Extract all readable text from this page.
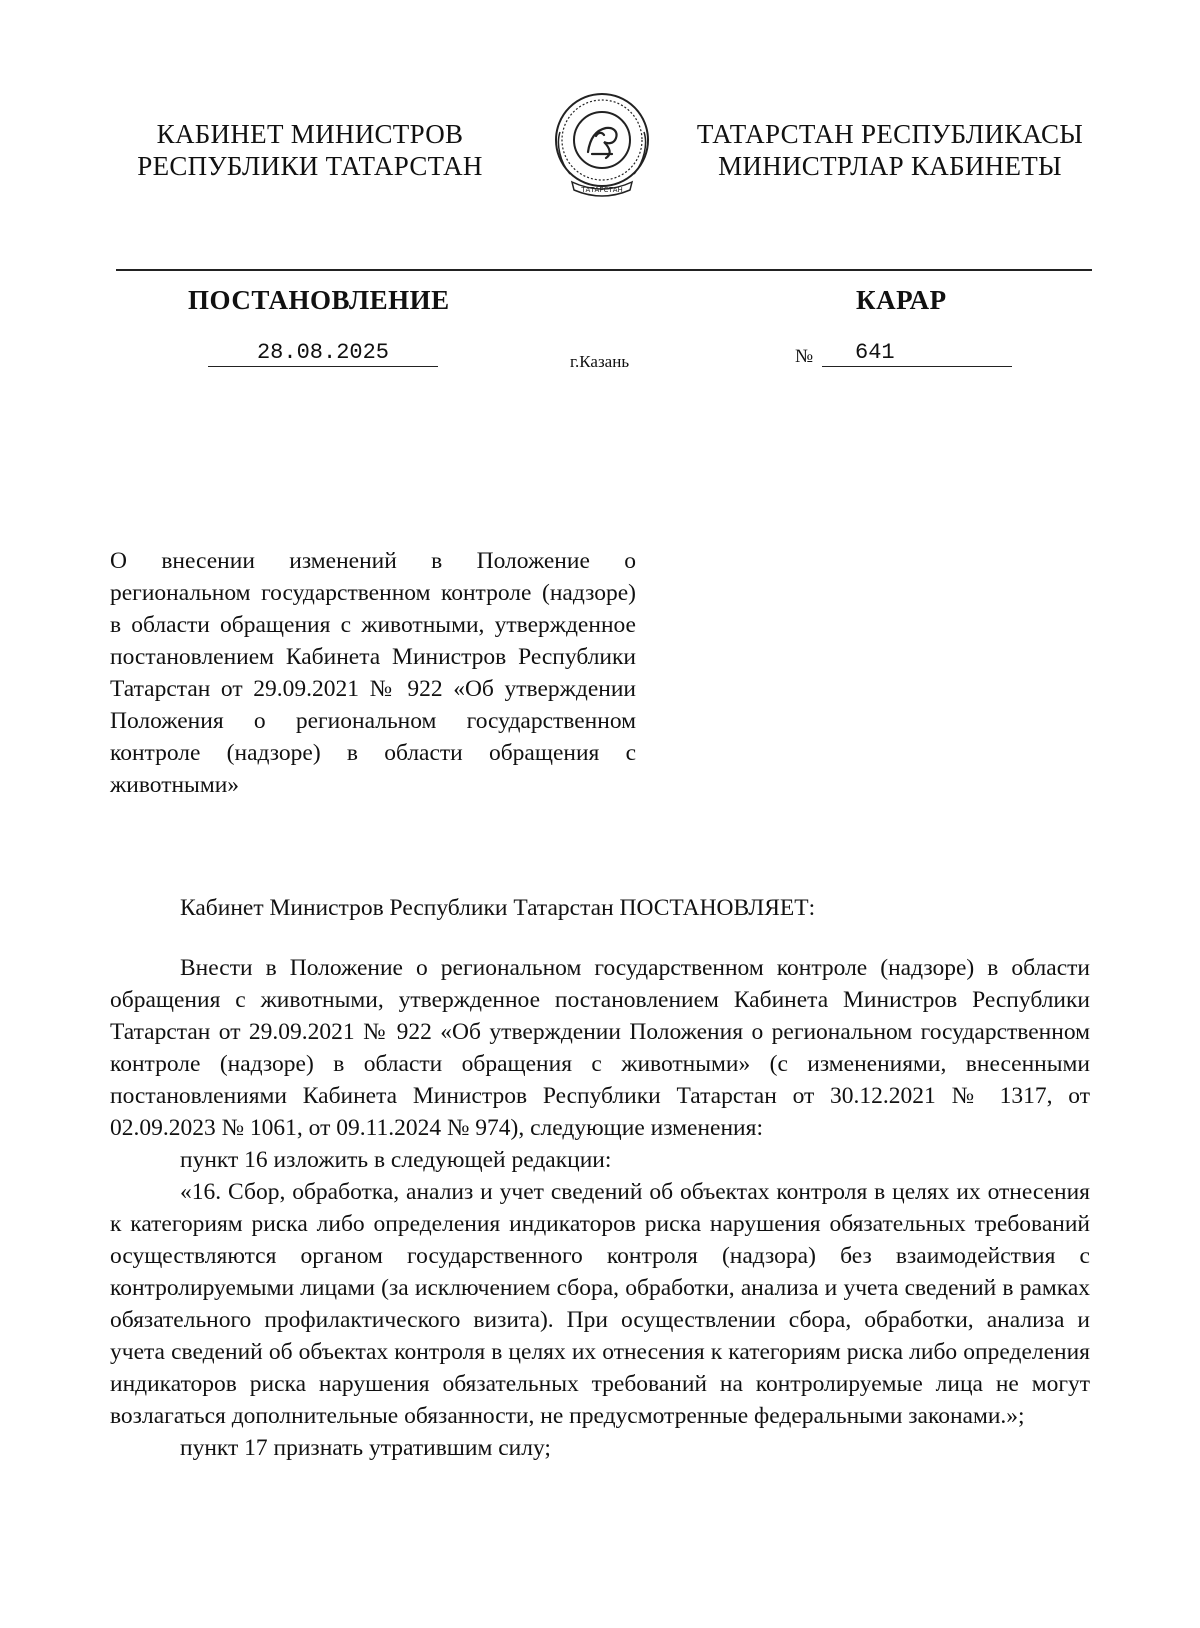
КАБИНЕТ МИНИСТРОВ
РЕСПУБЛИКИ ТАТАРСТАН
ТАТАРСТАН
ТАТАРСТАН РЕСПУБЛИКАСЫ
МИНИСТРЛАР КАБИНЕТЫ
ПОСТАНОВЛЕНИЕ	КАРАР
28.08.2025	г.Казань	№	641
О внесении изменений в Положение о региональном государственном контроле (надзоре) в области обращения с животными, утвержденное постановлением Кабинета Министров Республики Татарстан от 29.09.2021 № 922 «Об утверждении Положения о региональном государственном контроле (надзоре) в области обращения с животными»
Кабинет Министров Республики Татарстан ПОСТАНОВЛЯЕТ:

Внести в Положение о региональном государственном контроле (надзоре) в области обращения с животными, утвержденное постановлением Кабинета Министров Республики Татарстан от 29.09.2021 № 922 «Об утверждении Положения о региональном государственном контроле (надзоре) в области обращения с животными» (с изменениями, внесенными постановлениями Кабинета Министров Республики Татарстан от 30.12.2021 № 1317, от 02.09.2023 № 1061, от 09.11.2024 № 974), следующие изменения:

пункт 16 изложить в следующей редакции:

«16. Сбор, обработка, анализ и учет сведений об объектах контроля в целях их отнесения к категориям риска либо определения индикаторов риска нарушения обязательных требований осуществляются органом государственного контроля (надзора) без взаимодействия с контролируемыми лицами (за исключением сбора, обработки, анализа и учета сведений в рамках обязательного профилактического визита). При осуществлении сбора, обработки, анализа и учета сведений об объектах контроля в целях их отнесения к категориям риска либо определения индикаторов риска нарушения обязательных требований на контролируемые лица не могут возлагаться дополнительные обязанности, не предусмотренные федеральными законами.»;

пункт 17 признать утратившим силу;
